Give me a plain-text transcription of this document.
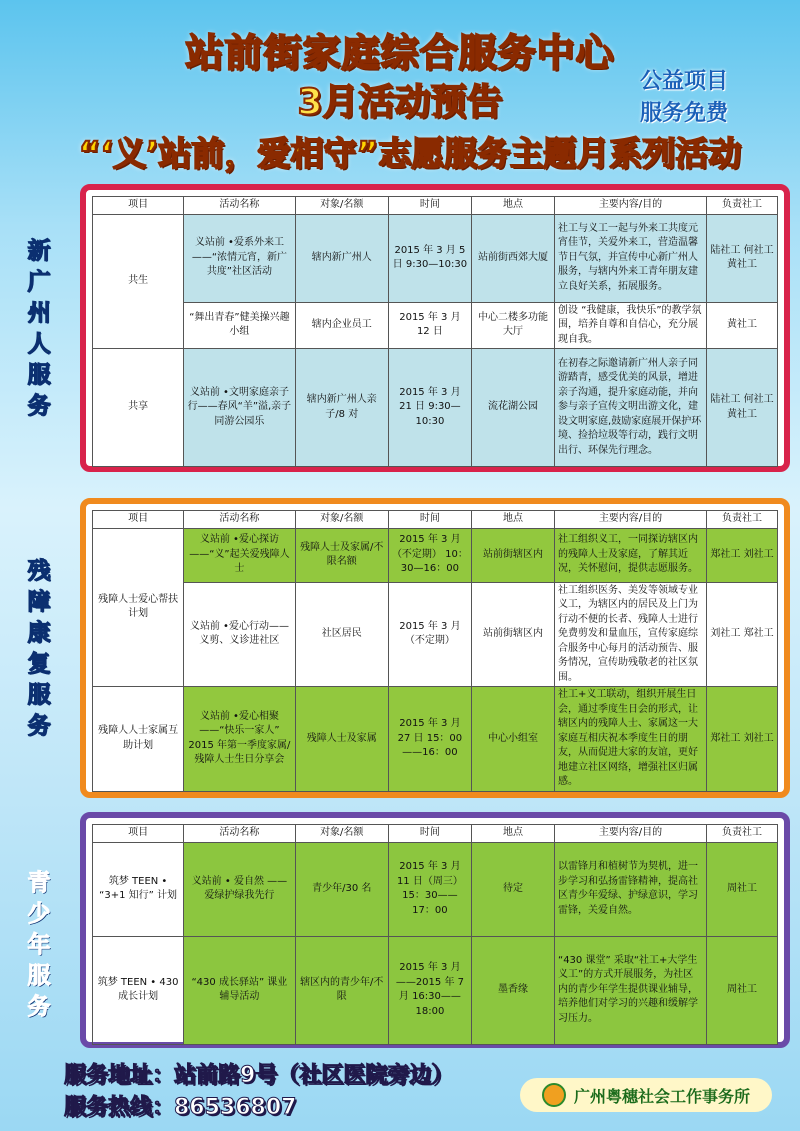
站前街家庭综合服务中心
3月活动预告
“‘义’站前，爱相守”志愿服务主题月系列活动
公益项目
服务免费
新广州人服务
项目	活动名称	对象/名额	时间	地点	主要内容/目的	负责社工
共生	义站前 •爱系外来工——“浓情元宵，新广共度”社区活动	辖内新广州人	2015 年 3 月 5 日 9:30—10:30	站前街西郊大厦	社工与义工一起与外来工共度元宵佳节，关爱外来工，营造温馨节日气氛，并宣传中心新广州人服务，与辖内外来工青年朋友建立良好关系，拓展服务。	陆社工 何社工 黄社工
	“舞出青春”健美操兴趣小组	辖内企业员工	2015 年 3 月 12 日	中心二楼多功能大厅	创设 “我健康，我快乐”的教学氛围，培养自尊和自信心，充分展现自我。	黄社工
共享	义站前 •文明家庭亲子行——春风“羊”溢,亲子同游公园乐	辖内新广州人亲子/8 对	2015 年 3 月 21 日 9:30—10:30	流花湖公园	在初春之际邀请新广州人亲子同游踏青，感受优美的风景，增进亲子沟通，提升家庭动能，并向参与亲子宣传文明出游文化，建设文明家庭,鼓励家庭展开保护环境、捡拾垃圾等行动，践行文明出行、环保先行理念。	陆社工 何社工 黄社工
残障康复服务
项目	活动名称	对象/名额	时间	地点	主要内容/目的	负责社工
残障人士爱心帮扶计划	义站前 •爱心探访——“义”起关爱残障人士	残障人士及家属/不限名额	2015 年 3 月（不定期） 10：30—16：00	站前街辖区内	社工组织义工，一同探访辖区内的残障人士及家庭，了解其近况，关怀慰问，提供志愿服务。	郑社工 刘社工
	义站前 •爱心行动——义剪、义诊进社区	社区居民	2015 年 3 月（不定期）	站前街辖区内	社工组织医务、美发等领域专业义工，为辖区内的居民及上门为行动不便的长者、残障人士进行免费剪发和量血压，宣传家庭综合服务中心每月的活动预告、服务情况，宣传助残敬老的社区氛围。	刘社工 郑社工
残障人人士家属互助计划	义站前 •爱心相聚——“快乐一家人” 2015 年第一季度家属/残障人士生日分享会	残障人士及家属	2015 年 3 月 27 日 15：00——16：00	中心小组室	社工+义工联动，组织开展生日会，通过季度生日会的形式，让辖区内的残障人士、家属这一大家庭互相庆祝本季度生日的朋友，从而促进大家的友谊，更好地建立社区网络，增强社区归属感。	郑社工 刘社工
青少年服务
项目	活动名称	对象/名额	时间	地点	主要内容/目的	负责社工
筑梦 TEEN • “3+1 知行” 计划	义站前 • 爱自然 ——爱绿护绿我先行	青少年/30 名	2015 年 3 月 11 日（周三） 15：30——17：00	待定	以雷锋月和植树节为契机，进一步学习和弘扬雷锋精神，提高社区青少年爱绿、护绿意识，学习雷锋，关爱自然。	周社工
筑梦 TEEN • 430 成长计划	“430 成长驿站” 课业辅导活动	辖区内的青少年/不限	2015 年 3 月 ——2015 年 7 月 16:30——18:00	墨香缘	“430 课堂” 采取“社工+大学生义工”的方式开展服务，为社区内的青少年学生提供课业辅导，培养他们对学习的兴趣和缓解学习压力。	周社工
服务地址：站前路9号（社区医院旁边）
服务热线：86536807	广州粤穗社会工作事务所
